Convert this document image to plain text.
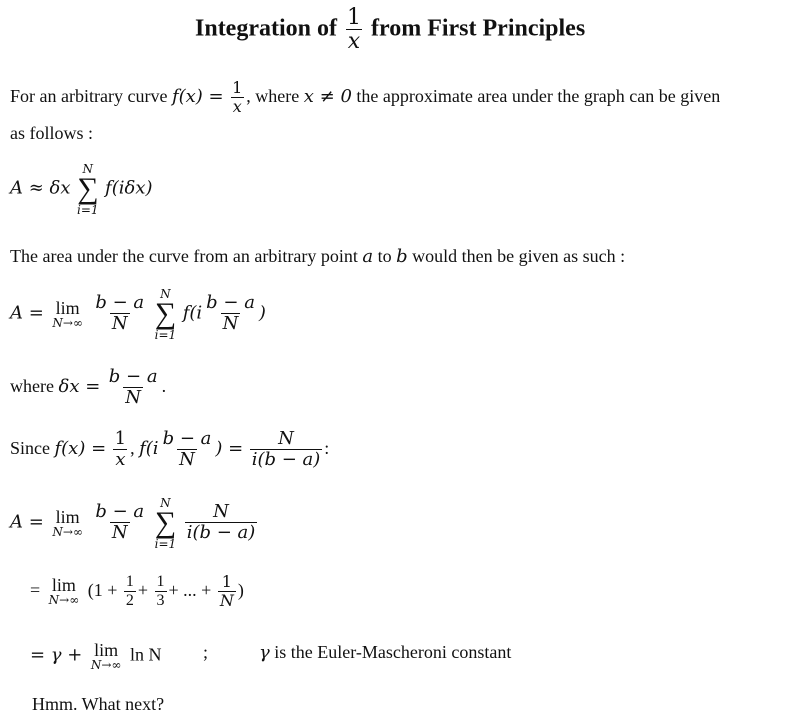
Integration of $\frac{1}{x}$ from First Principles
For an arbitrary curve $f(x) = \frac{1}{x}$ , where x ≠ 0 the approximate area under the graph can be given
as follows :
A ≈ δx
N
∑
i=1
f(iδx)
The area under the curve from an arbitrary point a to b would then be given as such :
A = lim
N→∞
$\frac{b - a}{N}$

N
∑
i=1
$f(i \frac{b - a}{N}$ )
where $\delta x = \frac{b - a}{N}$ .
Since $f(x) = \frac{1}{x}$ , $f(i \frac{b - a}{N}$ ) = $\frac{N}{i(b - a)}$ :
A = lim
N→∞
$\frac{b - a}{N}$

N
∑
i=1

$\frac{N}{i(b - a)}$
= lim
N→∞
($1 + \frac{1}{2} + \frac{1}{3}$ + ... + $\frac{1}{N}$ )
= γ + lim
N→∞
ln N ;	γ is the Euler-Mascheroni constant
Hmm. What next?
